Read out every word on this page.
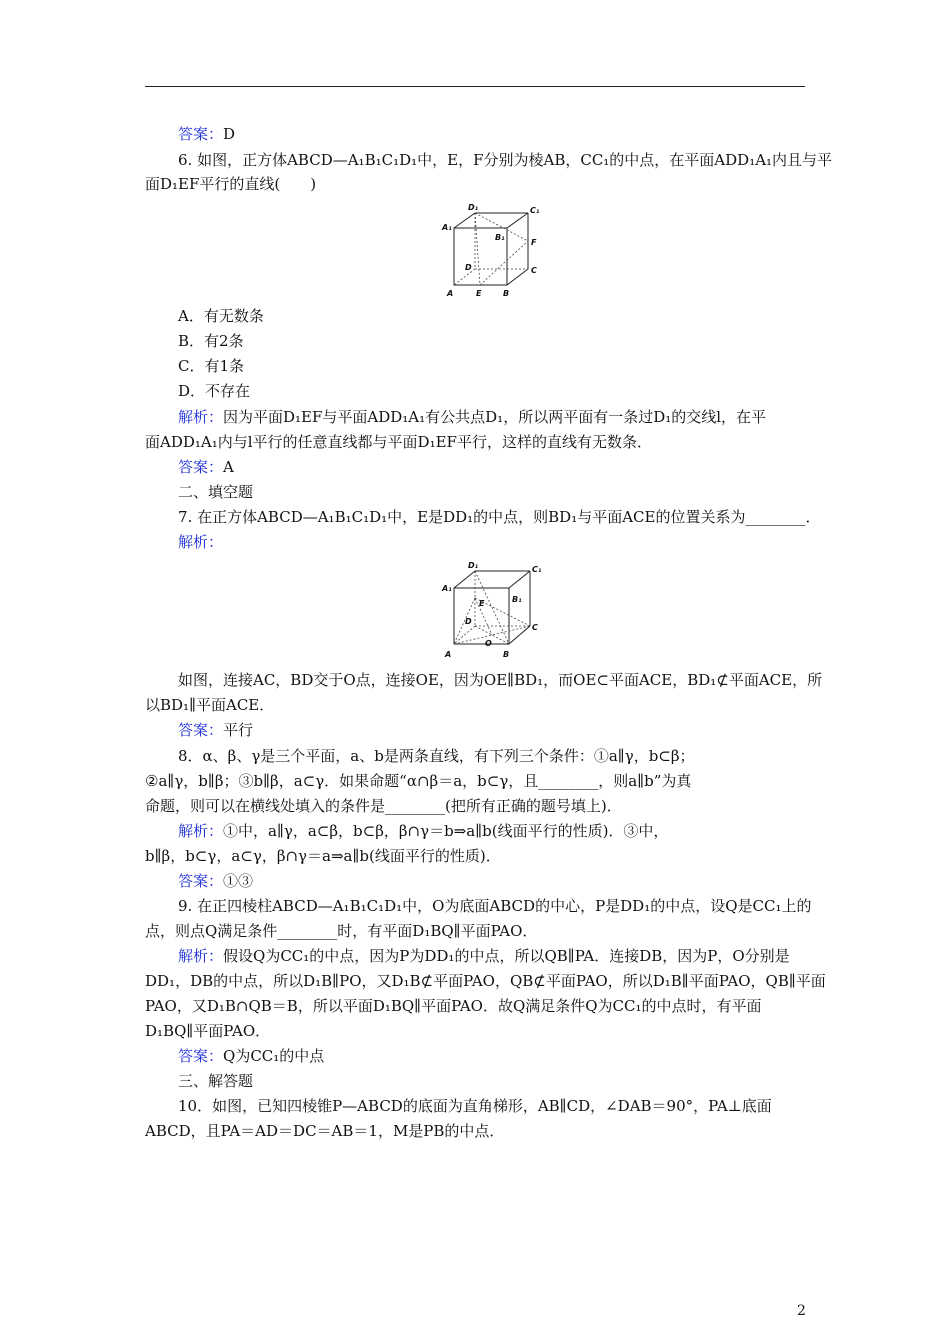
答案：D
6. 如图，正方体ABCD—A₁B₁C₁D₁中，E，F分别为棱AB，CC₁的中点，在平面ADD₁A₁内且与平
面D₁EF平行的直线(　　)
D₁	C₁
A₁
B₁
F
D	C
A	E	B
A．有无数条
B．有2条
C．有1条
D．不存在
解析：因为平面D₁EF与平面ADD₁A₁有公共点D₁，所以两平面有一条过D₁的交线l，在平
面ADD₁A₁内与l平行的任意直线都与平面D₁EF平行，这样的直线有无数条．
答案：A
二、填空题
7. 在正方体ABCD—A₁B₁C₁D₁中，E是DD₁的中点，则BD₁与平面ACE的位置关系为________．
解析：
D₁	C₁
A₁
B₁
E
D
C
O
A	B
如图，连接AC，BD交于O点，连接OE，因为OE∥BD₁，而OE⊂平面ACE，BD₁⊄平面ACE，所
以BD₁∥平面ACE．
答案：平行
8．α、β、γ是三个平面，a、b是两条直线，有下列三个条件：①a∥γ，b⊂β；
②a∥γ，b∥β；③b∥β，a⊂γ．如果命题“α∩β＝a，b⊂γ，且________，则a∥b”为真
命题，则可以在横线处填入的条件是________(把所有正确的题号填上)．
解析：①中，a∥γ，a⊂β，b⊂β，β∩γ＝b⇒a∥b(线面平行的性质)．③中，
b∥β，b⊂γ，a⊂γ，β∩γ＝a⇒a∥b(线面平行的性质)．
答案：①③
9. 在正四棱柱ABCD—A₁B₁C₁D₁中，O为底面ABCD的中心，P是DD₁的中点，设Q是CC₁上的
点，则点Q满足条件________时，有平面D₁BQ∥平面PAO．
解析：假设Q为CC₁的中点，因为P为DD₁的中点，所以QB∥PA．连接DB，因为P，O分别是
DD₁，DB的中点，所以D₁B∥PO，又D₁B⊄平面PAO，QB⊄平面PAO，所以D₁B∥平面PAO，QB∥平面
PAO，又D₁B∩QB＝B，所以平面D₁BQ∥平面PAO．故Q满足条件Q为CC₁的中点时，有平面
D₁BQ∥平面PAO．
答案：Q为CC₁的中点
三、解答题
10．如图，已知四棱锥P—ABCD的底面为直角梯形，AB∥CD，∠DAB＝90°，PA⊥底面
ABCD，且PA＝AD＝DC＝AB＝1，M是PB的中点．
2
